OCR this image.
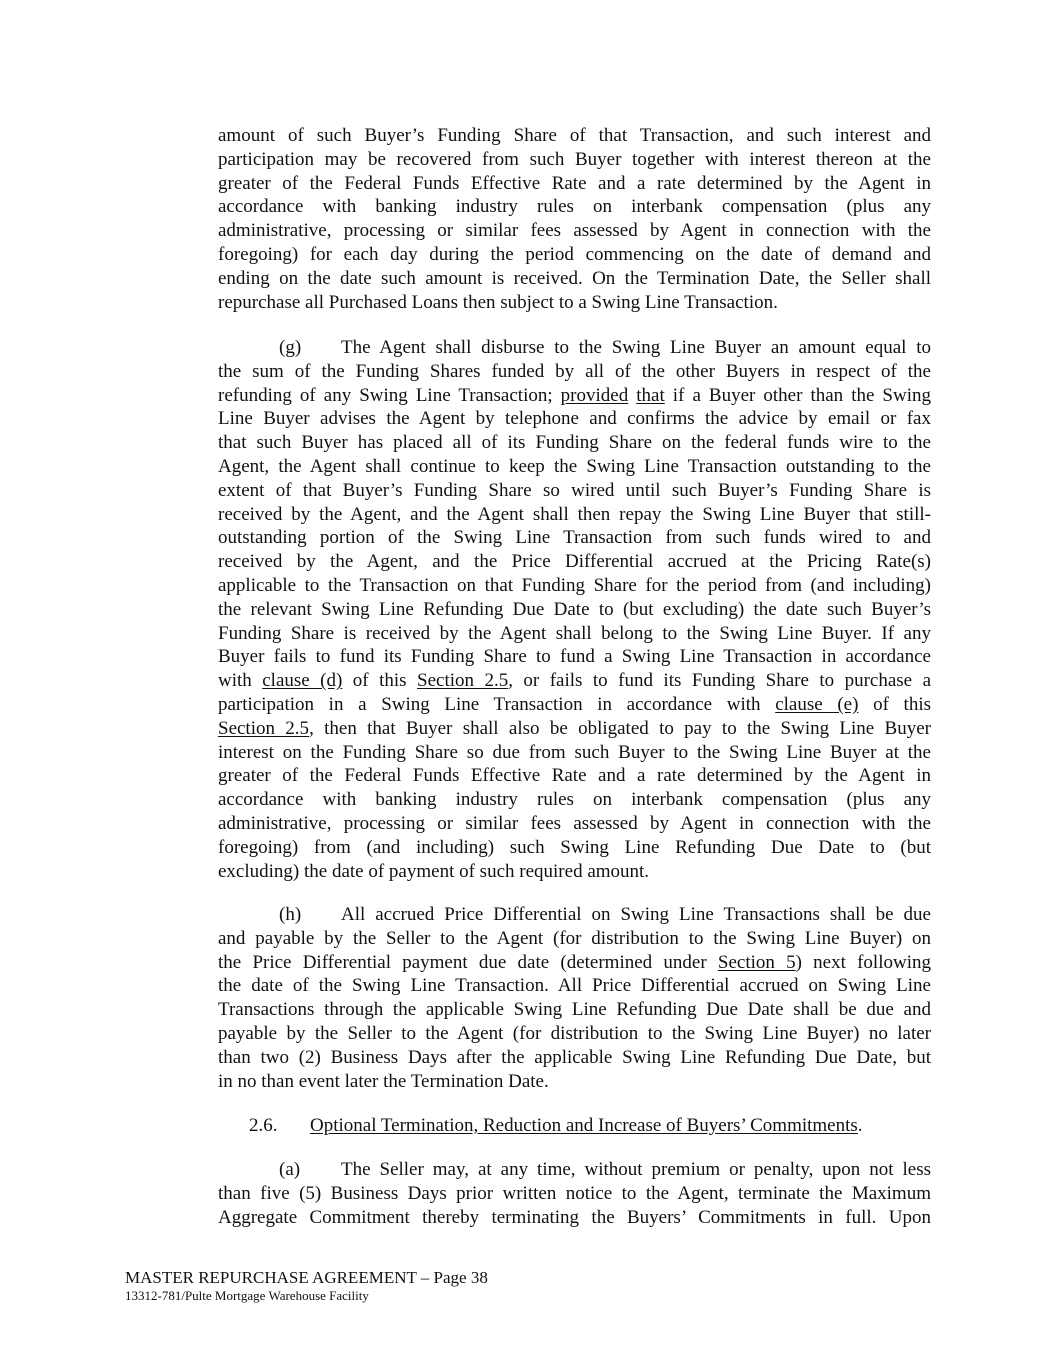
amount of such Buyer’s Funding Share of that Transaction, and such interest and
participation may be recovered from such Buyer together with interest thereon at the
greater of the Federal Funds Effective Rate and a rate determined by the Agent in
accordance with banking industry rules on interbank compensation (plus any
administrative, processing or similar fees assessed by Agent in connection with the
foregoing) for each day during the period commencing on the date of demand and
ending on the date such amount is received. On the Termination Date, the Seller shall
repurchase all Purchased Loans then subject to a Swing Line Transaction.
(g) The Agent shall disburse to the Swing Line Buyer an amount equal to
the sum of the Funding Shares funded by all of the other Buyers in respect of the
refunding of any Swing Line Transaction; provided that if a Buyer other than the Swing
Line Buyer advises the Agent by telephone and confirms the advice by email or fax
that such Buyer has placed all of its Funding Share on the federal funds wire to the
Agent, the Agent shall continue to keep the Swing Line Transaction outstanding to the
extent of that Buyer’s Funding Share so wired until such Buyer’s Funding Share is
received by the Agent, and the Agent shall then repay the Swing Line Buyer that still-
outstanding portion of the Swing Line Transaction from such funds wired to and
received by the Agent, and the Price Differential accrued at the Pricing Rate(s)
applicable to the Transaction on that Funding Share for the period from (and including)
the relevant Swing Line Refunding Due Date to (but excluding) the date such Buyer’s
Funding Share is received by the Agent shall belong to the Swing Line Buyer. If any
Buyer fails to fund its Funding Share to fund a Swing Line Transaction in accordance
with clause (d) of this Section 2.5, or fails to fund its Funding Share to purchase a
participation in a Swing Line Transaction in accordance with clause (e) of this
Section 2.5, then that Buyer shall also be obligated to pay to the Swing Line Buyer
interest on the Funding Share so due from such Buyer to the Swing Line Buyer at the
greater of the Federal Funds Effective Rate and a rate determined by the Agent in
accordance with banking industry rules on interbank compensation (plus any
administrative, processing or similar fees assessed by Agent in connection with the
foregoing) from (and including) such Swing Line Refunding Due Date to (but
excluding) the date of payment of such required amount.
(h) All accrued Price Differential on Swing Line Transactions shall be due
and payable by the Seller to the Agent (for distribution to the Swing Line Buyer) on
the Price Differential payment due date (determined under Section 5) next following
the date of the Swing Line Transaction. All Price Differential accrued on Swing Line
Transactions through the applicable Swing Line Refunding Due Date shall be due and
payable by the Seller to the Agent (for distribution to the Swing Line Buyer) no later
than two (2) Business Days after the applicable Swing Line Refunding Due Date, but
in no than event later the Termination Date.
2.6. Optional Termination, Reduction and Increase of Buyers’ Commitments.
(a) The Seller may, at any time, without premium or penalty, upon not less
than five (5) Business Days prior written notice to the Agent, terminate the Maximum
Aggregate Commitment thereby terminating the Buyers’ Commitments in full. Upon
MASTER REPURCHASE AGREEMENT – Page 38
13312-781/Pulte Mortgage Warehouse Facility
